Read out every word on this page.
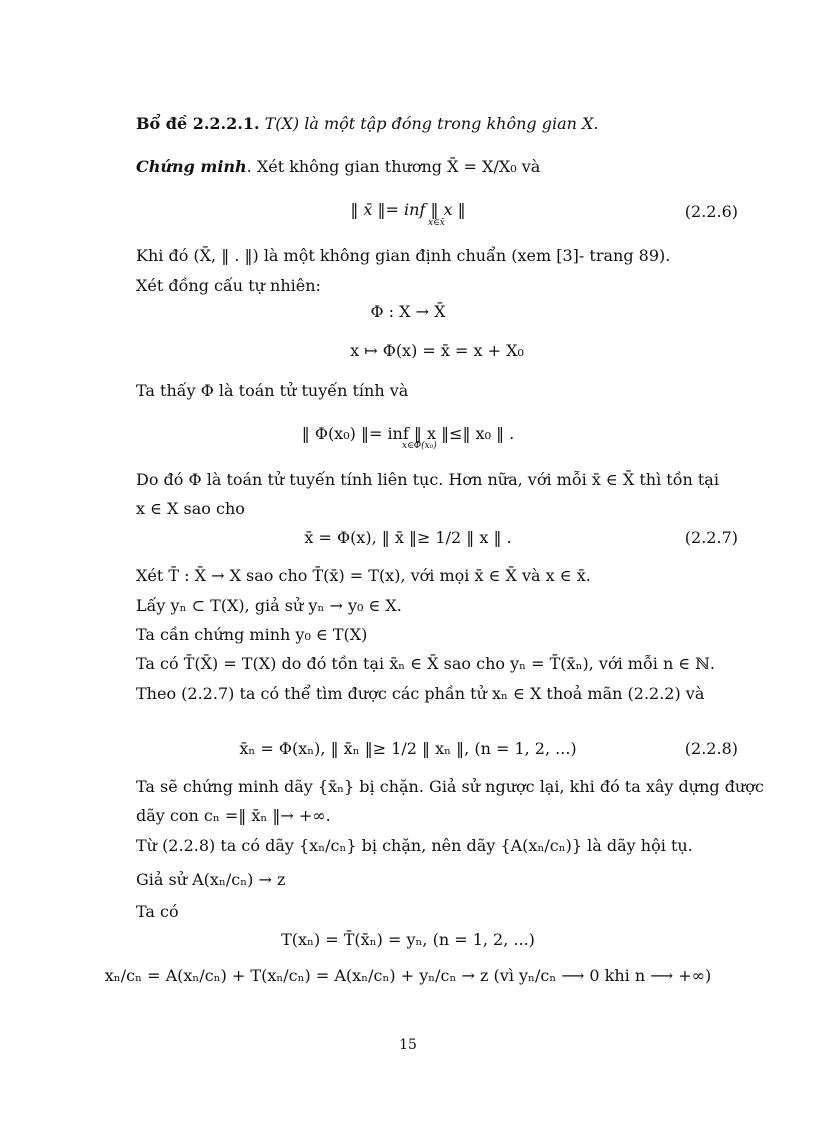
Bổ đề 2.2.2.1. T(X) là một tập đóng trong không gian X.
Chứng minh. Xét không gian thương X̄ = X/X₀ và
‖ x̄ ‖= inf ‖ x ‖
x∈x̄
(2.2.6)
Khi đó (X̄, ‖ . ‖) là một không gian định chuẩn (xem [3]- trang 89).
Xét đồng cấu tự nhiên:
Φ : X → X̄
x ↦ Φ(x) = x̄ = x + X₀
Ta thấy Φ là toán tử tuyến tính và
‖ Φ(x₀) ‖= inf ‖ x ‖≤‖ x₀ ‖ .
x∈Φ(x₀)
Do đó Φ là toán tử tuyến tính liên tục. Hơn nữa, với mỗi x̄ ∈ X̄ thì tồn tại
x ∈ X sao cho
x̄ = Φ(x), ‖ x̄ ‖≥ 1/2 ‖ x ‖ .	(2.2.7)
Xét T̄ : X̄ → X sao cho T̄(x̄) = T(x), với mọi x̄ ∈ X̄ và x ∈ x̄.
Lấy yₙ ⊂ T(X), giả sử yₙ → y₀ ∈ X.
Ta cần chứng minh y₀ ∈ T(X)
Ta có T̄(X̄) = T(X) do đó tồn tại x̄ₙ ∈ X̄ sao cho yₙ = T̄(x̄ₙ), với mỗi n ∈ ℕ.
Theo (2.2.7) ta có thể tìm được các phần tử xₙ ∈ X thoả mãn (2.2.2) và
x̄ₙ = Φ(xₙ), ‖ x̄ₙ ‖≥ 1/2 ‖ xₙ ‖, (n = 1, 2, ...)	(2.2.8)
Ta sẽ chứng minh dãy {x̄ₙ} bị chặn. Giả sử ngược lại, khi đó ta xây dựng được
dãy con cₙ =‖ x̄ₙ ‖→ +∞.
Từ (2.2.8) ta có dãy {xₙ/cₙ} bị chặn, nên dãy {A(xₙ/cₙ)} là dãy hội tụ.
Giả sử A(xₙ/cₙ) → z
Ta có
T(xₙ) = T̄(x̄ₙ) = yₙ, (n = 1, 2, ...)
xₙ/cₙ = A(xₙ/cₙ) + T(xₙ/cₙ) = A(xₙ/cₙ) + yₙ/cₙ → z (vì yₙ/cₙ ⟶ 0 khi n ⟶ +∞)
15
